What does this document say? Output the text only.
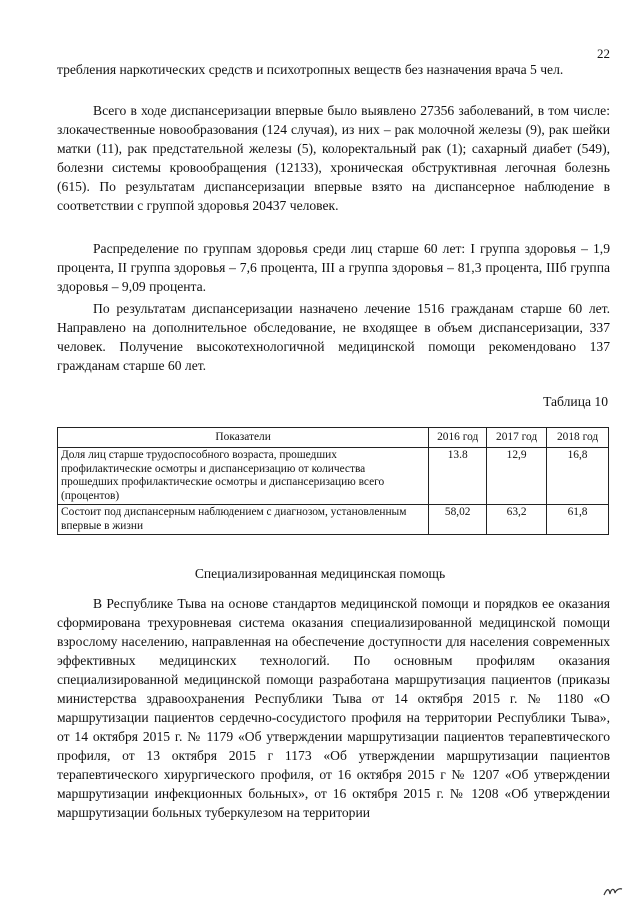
22

требления наркотических средств и психотропных веществ без назначения врача 5 чел.

Всего в ходе диспансеризации впервые было выявлено 27356 заболеваний, в том числе: злокачественные новообразования (124 случая), из них – рак молочной железы (9), рак шейки матки (11), рак предстательной железы (5), колоректальный рак (1); сахарный диабет (549), болезни системы кровообращения (12133), хроническая обструктивная легочная болезнь (615). По результатам диспансеризации впервые взято на диспансерное наблюдение в соответствии с группой здоровья 20437 человек.

Распределение по группам здоровья среди лиц старше 60 лет: I группа здоровья – 1,9 процента, II группа здоровья – 7,6 процента, III а группа здоровья – 81,3 процента, IIIб группа здоровья – 9,09 процента.

По результатам диспансеризации назначено лечение 1516 гражданам старше 60 лет. Направлено на дополнительное обследование, не входящее в объем диспансеризации, 337 человек. Получение высокотехнологичной медицинской помощи рекомендовано 137 гражданам старше 60 лет.

Таблица 10
Показатели	2016 год	2017 год	2018 год
Доля лиц старше трудоспособного возраста, прошедших профилактические осмотры и диспансеризацию от количества прошедших профилактические осмотры и диспансеризацию всего (процентов)	13.8	12,9	16,8
Состоит под диспансерным наблюдением с диагнозом, установленным впервые в жизни	58,02	63,2	61,8
Специализированная медицинская помощь

В Республике Тыва на основе стандартов медицинской помощи и порядков ее оказания сформирована трехуровневая система оказания специализированной медицинской помощи взрослому населению, направленная на обеспечение доступности для населения современных эффективных медицинских технологий. По основным профилям оказания специализированной медицинской помощи разработана маршрутизация пациентов (приказы министерства здравоохранения Республики Тыва от 14 октября 2015 г. № 1180 «О маршрутизации пациентов сердечно-сосудистого профиля на территории Республики Тыва», от 14 октября 2015 г. № 1179 «Об утверждении маршрутизации пациентов терапевтического профиля, от 13 октября 2015 г 1173 «Об утверждении маршрутизации пациентов терапевтического хирургического профиля, от 16 октября 2015 г № 1207 «Об утверждении маршрутизации инфекционных больных», от 16 октября 2015 г. № 1208 «Об утверждении маршрутизации больных туберкулезом на территории
